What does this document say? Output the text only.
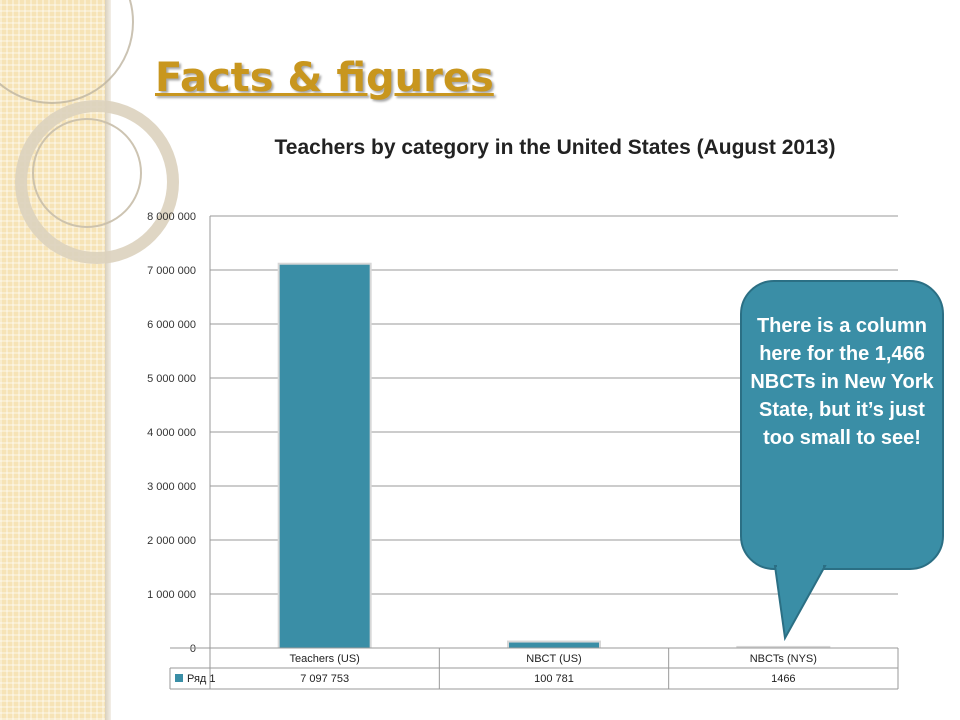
Facts & figures
Teachers by category in the United States (August 2013)
0
1 000 000
2 000 000
3 000 000
4 000 000
5 000 000
6 000 000
7 000 000
8 000 000
Teachers (US)	NBCT (US)	NBCTs (NYS)
7 097 753	100 781	1466
Ряд 1

There is a column here for the 1,466 NBCTs in New York State, but it’s just too small to see!
